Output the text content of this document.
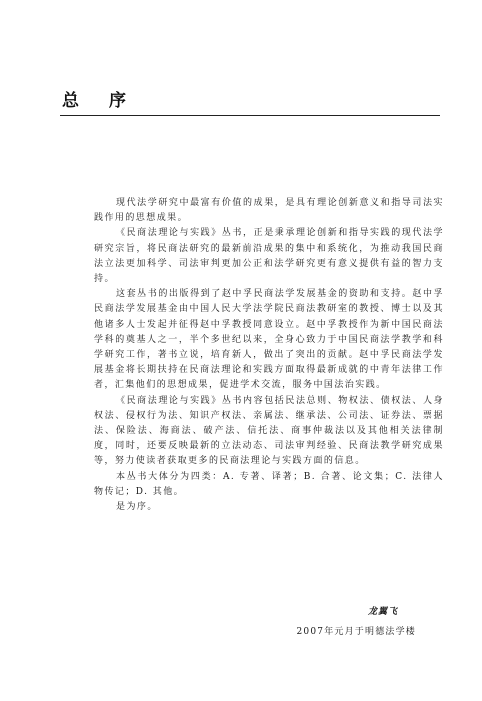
总序

现代法学研究中最富有价值的成果，是具有理论创新意义和指导司法实践作用的思想成果。

《民商法理论与实践》丛书，正是秉承理论创新和指导实践的现代法学研究宗旨，将民商法研究的最新前沿成果的集中和系统化，为推动我国民商法立法更加科学、司法审判更加公正和法学研究更有意义提供有益的智力支持。

这套丛书的出版得到了赵中孚民商法学发展基金的资助和支持。赵中孚民商法学发展基金由中国人民大学法学院民商法教研室的教授、博士以及其他诸多人士发起并征得赵中孚教授同意设立。赵中孚教授作为新中国民商法学科的奠基人之一，半个多世纪以来，全身心致力于中国民商法学教学和科学研究工作，著书立说，培育新人，做出了突出的贡献。赵中孚民商法学发展基金将长期扶持在民商法理论和实践方面取得最新成就的中青年法律工作者，汇集他们的思想成果，促进学术交流，服务中国法治实践。

《民商法理论与实践》丛书内容包括民法总则、物权法、债权法、人身权法、侵权行为法、知识产权法、亲属法、继承法、公司法、证券法、票据法、保险法、海商法、破产法、信托法、商事仲裁法以及其他相关法律制度，同时，还要反映最新的立法动态、司法审判经验、民商法教学研究成果等，努力使读者获取更多的民商法理论与实践方面的信息。

本丛书大体分为四类：A. 专著、译著；B. 合著、论文集；C. 法律人物传记；D. 其他。

是为序。

龙翼飞
2007年元月于明德法学楼
